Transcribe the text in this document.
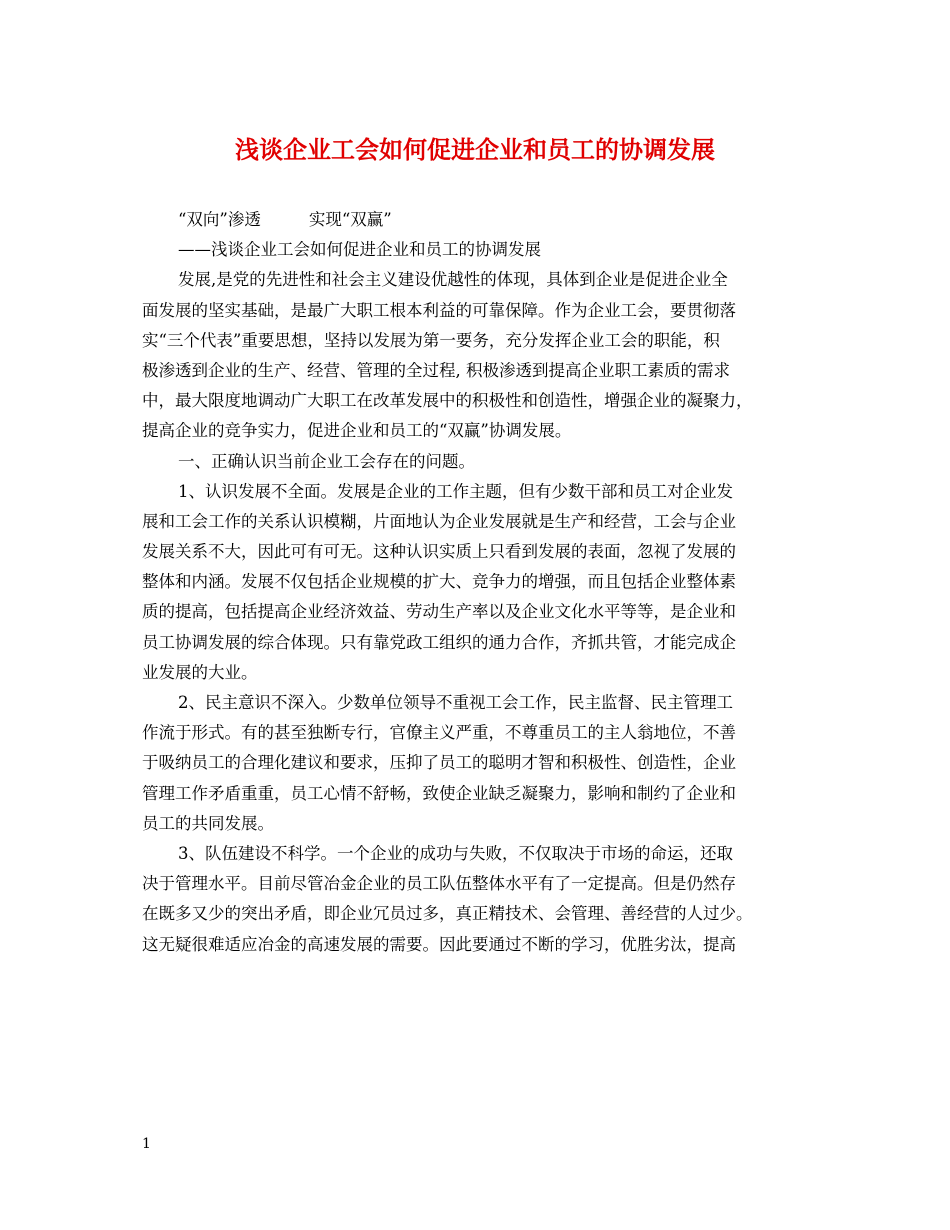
浅谈企业工会如何促进企业和员工的协调发展
“双向”渗透	实现“双赢”
——浅谈企业工会如何促进企业和员工的协调发展
发展,是党的先进性和社会主义建设优越性的体现，具体到企业是促进企业全
面发展的坚实基础，是最广大职工根本利益的可靠保障。作为企业工会，要贯彻落
实“三个代表”重要思想，坚持以发展为第一要务，充分发挥企业工会的职能，积
极渗透到企业的生产、经营、管理的全过程, 积极渗透到提高企业职工素质的需求
中，最大限度地调动广大职工在改革发展中的积极性和创造性，增强企业的凝聚力，
提高企业的竞争实力，促进企业和员工的“双赢”协调发展。
一、正确认识当前企业工会存在的问题。
1、认识发展不全面。发展是企业的工作主题，但有少数干部和员工对企业发
展和工会工作的关系认识模糊，片面地认为企业发展就是生产和经营，工会与企业
发展关系不大，因此可有可无。这种认识实质上只看到发展的表面，忽视了发展的
整体和内涵。发展不仅包括企业规模的扩大、竞争力的增强，而且包括企业整体素
质的提高，包括提高企业经济效益、劳动生产率以及企业文化水平等等，是企业和
员工协调发展的综合体现。只有靠党政工组织的通力合作，齐抓共管，才能完成企
业发展的大业。
2、民主意识不深入。少数单位领导不重视工会工作，民主监督、民主管理工
作流于形式。有的甚至独断专行，官僚主义严重，不尊重员工的主人翁地位，不善
于吸纳员工的合理化建议和要求，压抑了员工的聪明才智和积极性、创造性，企业
管理工作矛盾重重，员工心情不舒畅，致使企业缺乏凝聚力，影响和制约了企业和
员工的共同发展。
3、队伍建设不科学。一个企业的成功与失败，不仅取决于市场的命运，还取
决于管理水平。目前尽管冶金企业的员工队伍整体水平有了一定提高。但是仍然存
在既多又少的突出矛盾，即企业冗员过多，真正精技术、会管理、善经营的人过少。
这无疑很难适应冶金的高速发展的需要。因此要通过不断的学习，优胜劣汰，提高
1
